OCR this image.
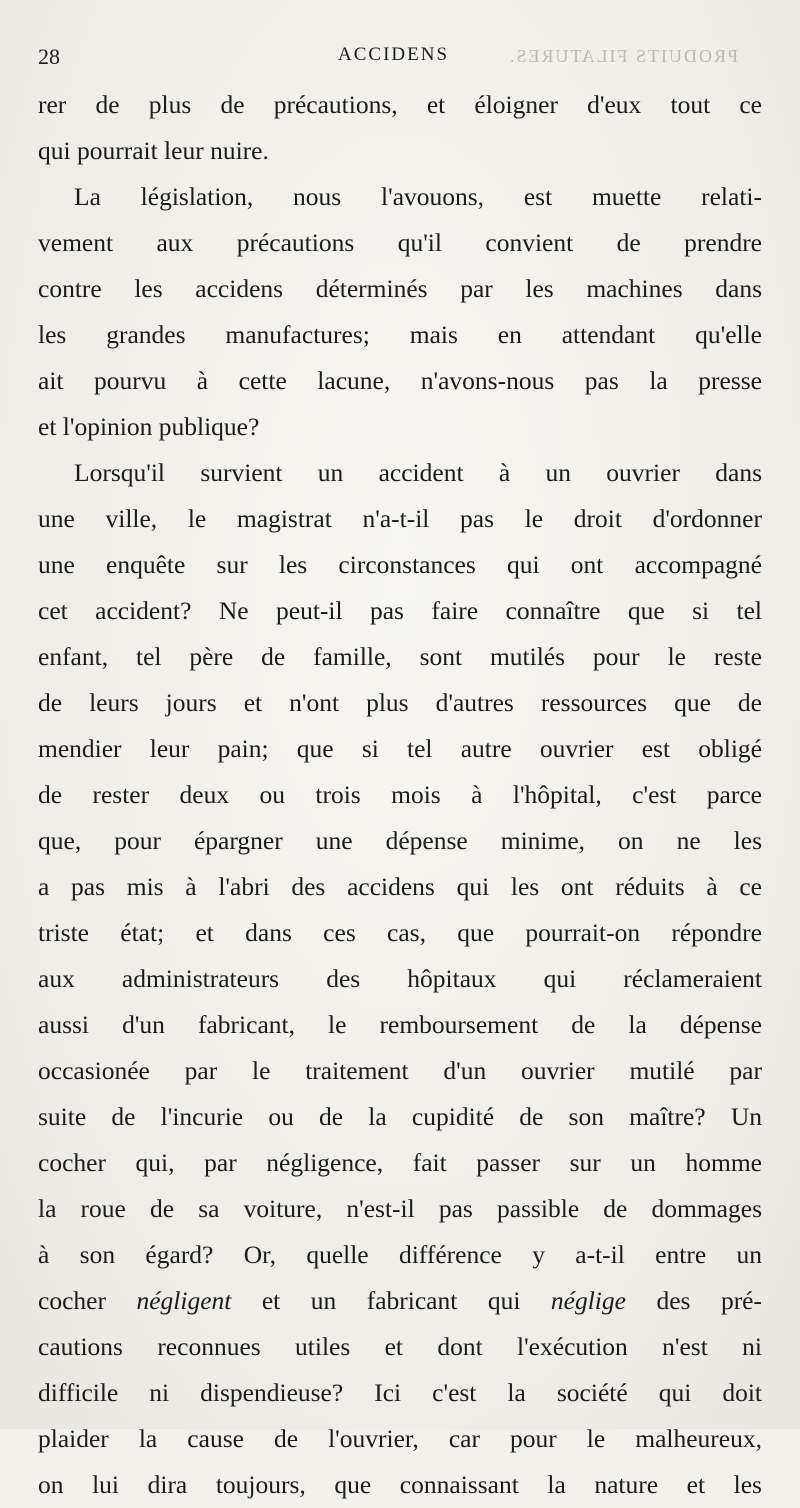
28	ACCIDENS	PRODUITS FILATURES.
rer de plus de précautions, et éloigner d'eux tout ce
qui pourrait leur nuire.
La législation, nous l'avouons, est muette relati-
vement aux précautions qu'il convient de prendre
contre les accidens déterminés par les machines dans
les grandes manufactures; mais en attendant qu'elle
ait pourvu à cette lacune, n'avons-nous pas la presse
et l'opinion publique?
Lorsqu'il survient un accident à un ouvrier dans
une ville, le magistrat n'a-t-il pas le droit d'ordonner
une enquête sur les circonstances qui ont accompagné
cet accident? Ne peut-il pas faire connaître que si tel
enfant, tel père de famille, sont mutilés pour le reste
de leurs jours et n'ont plus d'autres ressources que de
mendier leur pain; que si tel autre ouvrier est obligé
de rester deux ou trois mois à l'hôpital, c'est parce
que, pour épargner une dépense minime, on ne les
a pas mis à l'abri des accidens qui les ont réduits à ce
triste état; et dans ces cas, que pourrait-on répondre
aux administrateurs des hôpitaux qui réclameraient
aussi d'un fabricant, le remboursement de la dépense
occasionée par le traitement d'un ouvrier mutilé par
suite de l'incurie ou de la cupidité de son maître? Un
cocher qui, par négligence, fait passer sur un homme
la roue de sa voiture, n'est-il pas passible de dommages
à son égard? Or, quelle différence y a-t-il entre un
cocher négligent et un fabricant qui néglige des pré-
cautions reconnues utiles et dont l'exécution n'est ni
difficile ni dispendieuse? Ici c'est la société qui doit
plaider la cause de l'ouvrier, car pour le malheureux,
on lui dira toujours, que connaissant la nature et les
